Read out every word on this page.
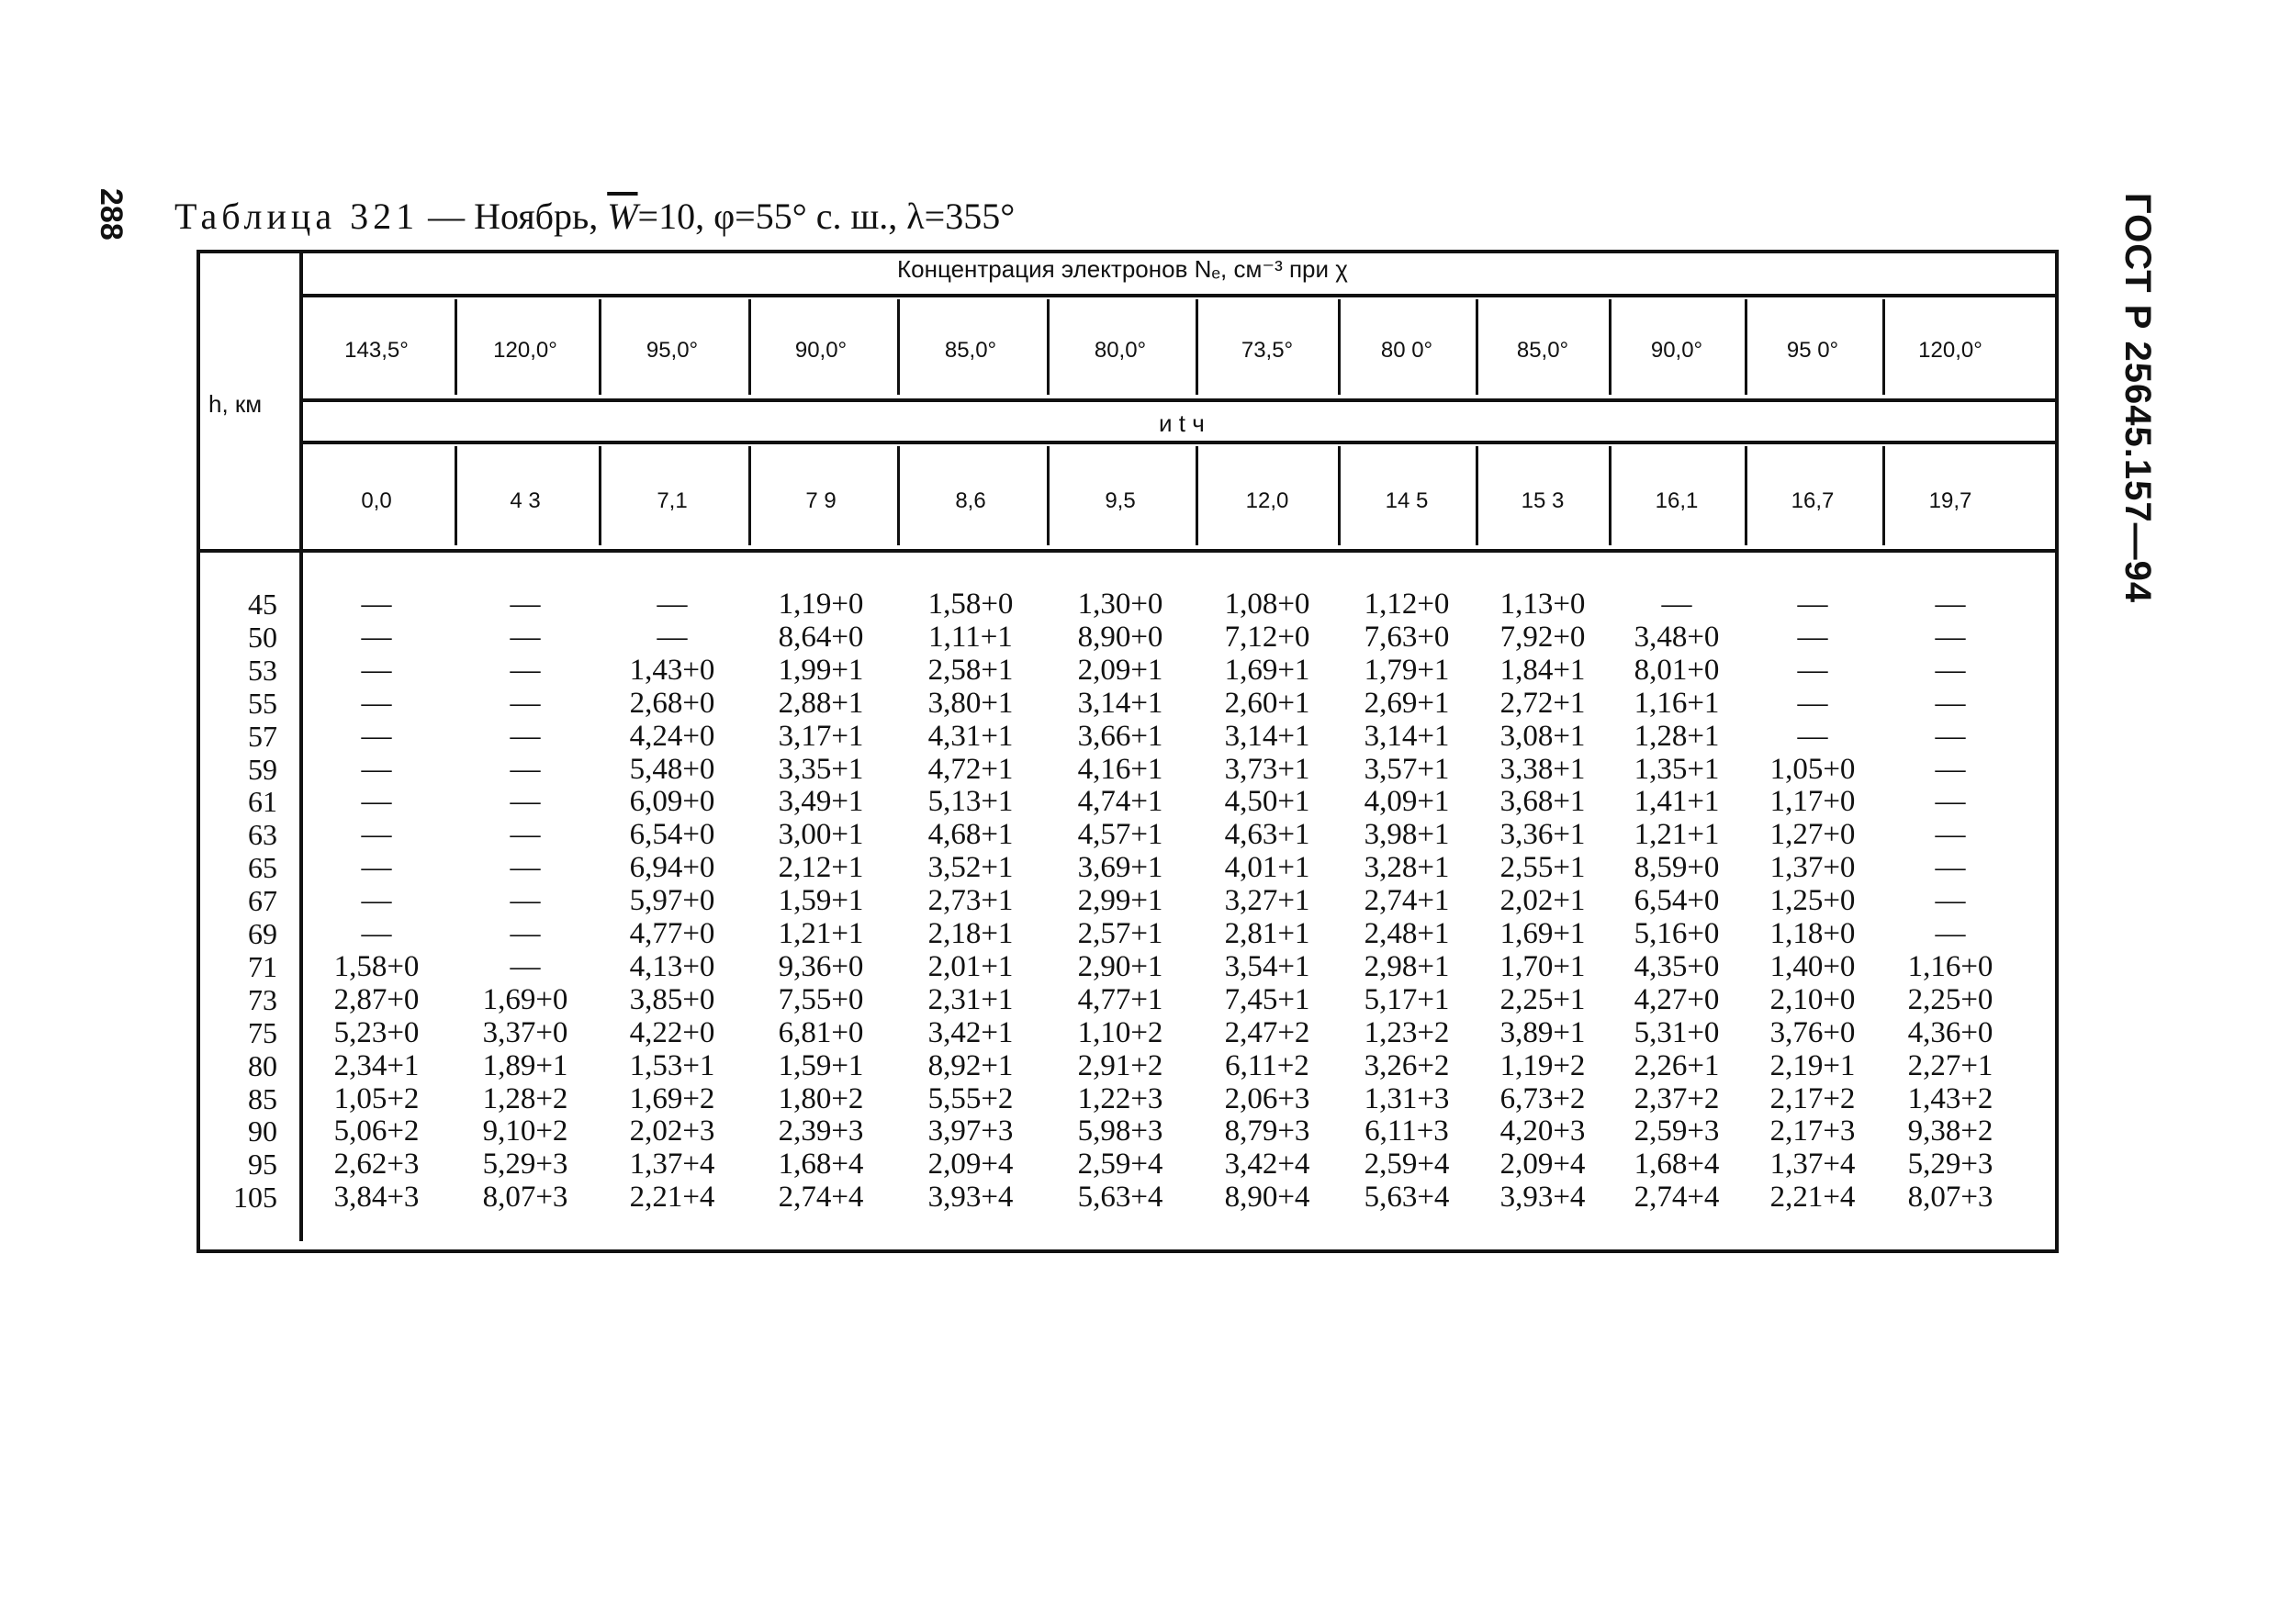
288	ГОСТ Р 25645.157—94
Таблица 321 — Ноябрь, $\overline{W}=10$, φ=55° с. ш., λ=355°
h, км
Концентрация электронов Nₑ, см⁻³ при χ
и t ч
143,5°	120,0°	95,0°	90,0°	85,0°	80,0°	73,5°	80 0°	85,0°	90,0°	95 0°	120,0°
0,0	4 3	7,1	7 9	8,6	9,5	12,0	14 5	15 3	16,1	16,7	19,7
45	—	—	—	1,19+0	1,58+0	1,30+0	1,08+0	1,12+0	1,13+0	—	—	—
50	—	—	—	8,64+0	1,11+1	8,90+0	7,12+0	7,63+0	7,92+0	3,48+0	—	—
53	—	—	1,43+0	1,99+1	2,58+1	2,09+1	1,69+1	1,79+1	1,84+1	8,01+0	—	—
55	—	—	2,68+0	2,88+1	3,80+1	3,14+1	2,60+1	2,69+1	2,72+1	1,16+1	—	—
57	—	—	4,24+0	3,17+1	4,31+1	3,66+1	3,14+1	3,14+1	3,08+1	1,28+1	—	—
59	—	—	5,48+0	3,35+1	4,72+1	4,16+1	3,73+1	3,57+1	3,38+1	1,35+1	1,05+0	—
61	—	—	6,09+0	3,49+1	5,13+1	4,74+1	4,50+1	4,09+1	3,68+1	1,41+1	1,17+0	—
63	—	—	6,54+0	3,00+1	4,68+1	4,57+1	4,63+1	3,98+1	3,36+1	1,21+1	1,27+0	—
65	—	—	6,94+0	2,12+1	3,52+1	3,69+1	4,01+1	3,28+1	2,55+1	8,59+0	1,37+0	—
67	—	—	5,97+0	1,59+1	2,73+1	2,99+1	3,27+1	2,74+1	2,02+1	6,54+0	1,25+0	—
69	—	—	4,77+0	1,21+1	2,18+1	2,57+1	2,81+1	2,48+1	1,69+1	5,16+0	1,18+0	—
71	1,58+0	—	4,13+0	9,36+0	2,01+1	2,90+1	3,54+1	2,98+1	1,70+1	4,35+0	1,40+0	1,16+0
73	2,87+0	1,69+0	3,85+0	7,55+0	2,31+1	4,77+1	7,45+1	5,17+1	2,25+1	4,27+0	2,10+0	2,25+0
75	5,23+0	3,37+0	4,22+0	6,81+0	3,42+1	1,10+2	2,47+2	1,23+2	3,89+1	5,31+0	3,76+0	4,36+0
80	2,34+1	1,89+1	1,53+1	1,59+1	8,92+1	2,91+2	6,11+2	3,26+2	1,19+2	2,26+1	2,19+1	2,27+1
85	1,05+2	1,28+2	1,69+2	1,80+2	5,55+2	1,22+3	2,06+3	1,31+3	6,73+2	2,37+2	2,17+2	1,43+2
90	5,06+2	9,10+2	2,02+3	2,39+3	3,97+3	5,98+3	8,79+3	6,11+3	4,20+3	2,59+3	2,17+3	9,38+2
95	2,62+3	5,29+3	1,37+4	1,68+4	2,09+4	2,59+4	3,42+4	2,59+4	2,09+4	1,68+4	1,37+4	5,29+3
105	3,84+3	8,07+3	2,21+4	2,74+4	3,93+4	5,63+4	8,90+4	5,63+4	3,93+4	2,74+4	2,21+4	8,07+3
